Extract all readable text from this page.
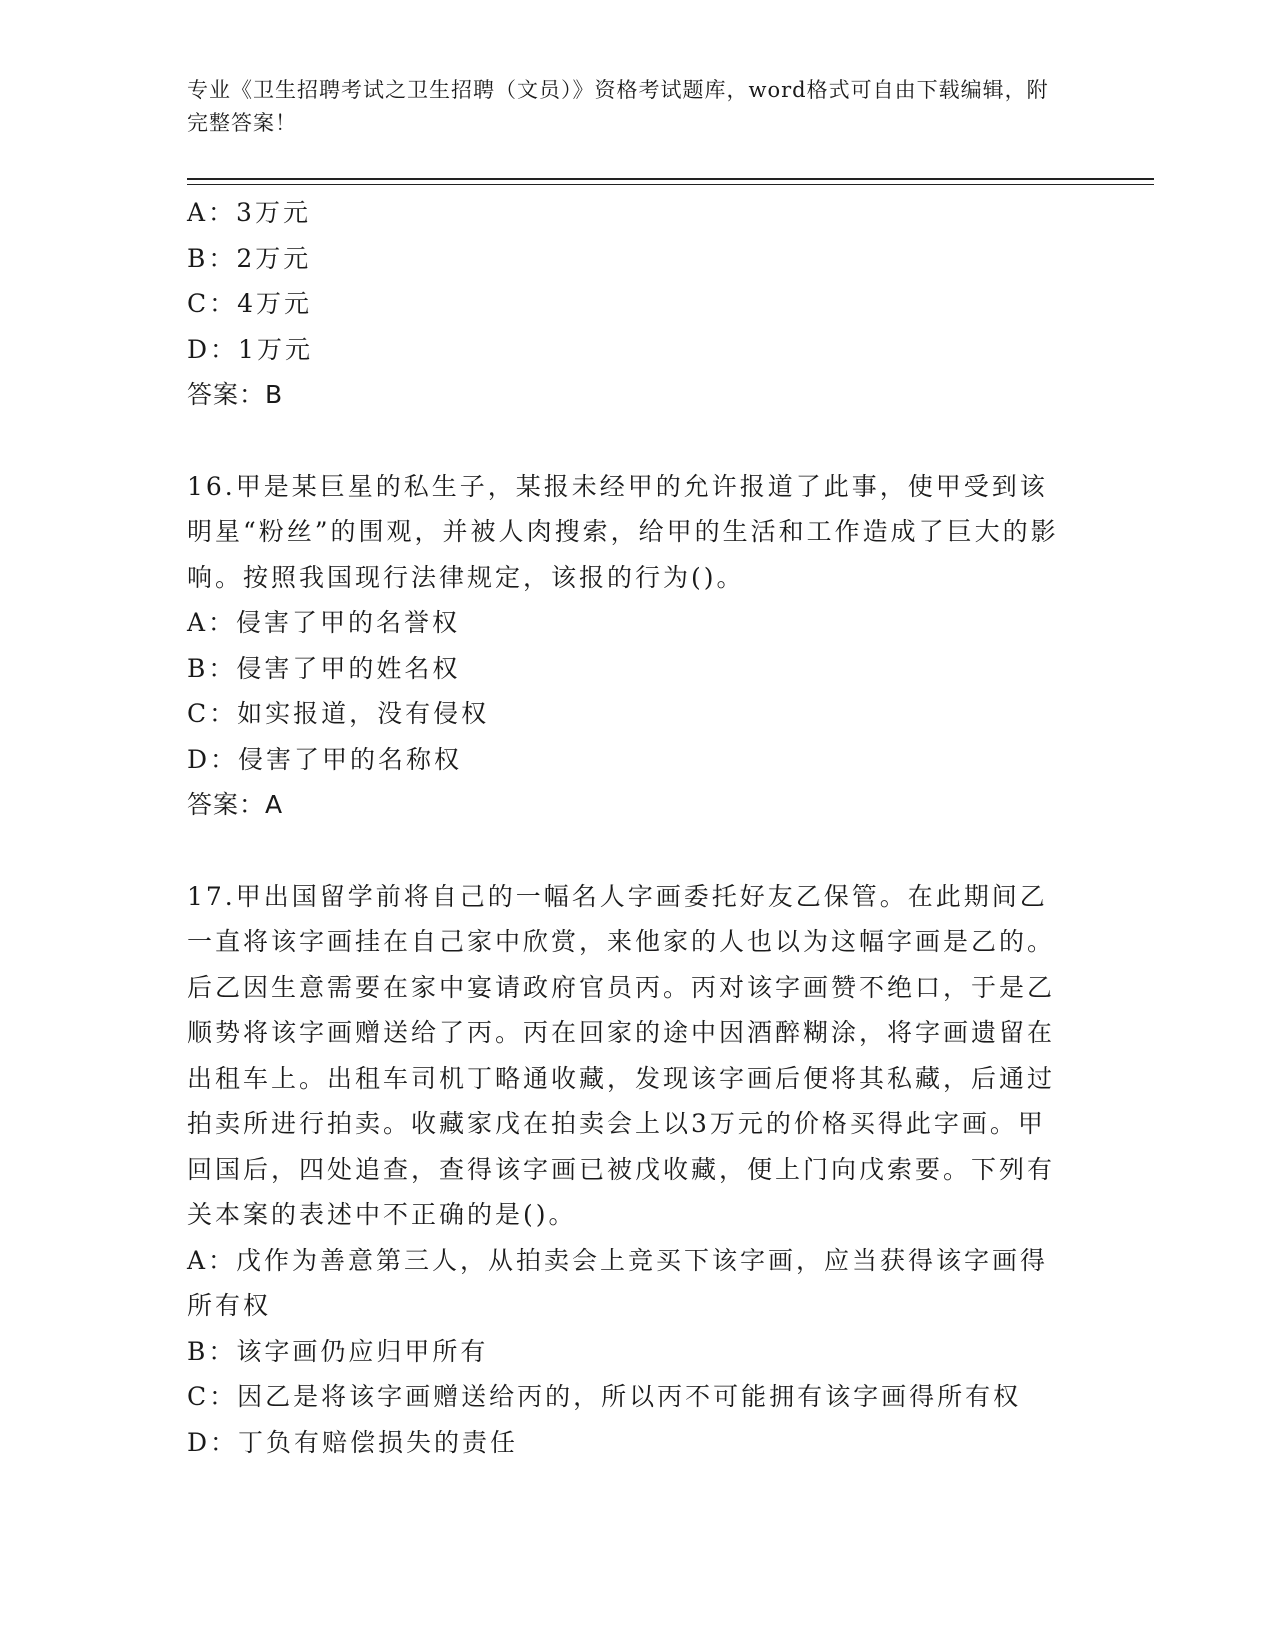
专业《卫生招聘考试之卫生招聘（文员）》资格考试题库，word格式可自由下载编辑，附完整答案！
A：3万元
B：2万元
C：4万元
D：1万元
答案：B
16.甲是某巨星的私生子，某报未经甲的允许报道了此事，使甲受到该明星“粉丝”的围观，并被人肉搜索，给甲的生活和工作造成了巨大的影响。按照我国现行法律规定，该报的行为()。
A：侵害了甲的名誉权
B：侵害了甲的姓名权
C：如实报道，没有侵权
D：侵害了甲的名称权
答案：A
17.甲出国留学前将自己的一幅名人字画委托好友乙保管。在此期间乙一直将该字画挂在自己家中欣赏，来他家的人也以为这幅字画是乙的。后乙因生意需要在家中宴请政府官员丙。丙对该字画赞不绝口，于是乙顺势将该字画赠送给了丙。丙在回家的途中因酒醉糊涂，将字画遗留在出租车上。出租车司机丁略通收藏，发现该字画后便将其私藏，后通过拍卖所进行拍卖。收藏家戊在拍卖会上以3万元的价格买得此字画。甲回国后，四处追查，查得该字画已被戊收藏，便上门向戊索要。下列有关本案的表述中不正确的是()。
A：戊作为善意第三人，从拍卖会上竞买下该字画，应当获得该字画得所有权
B：该字画仍应归甲所有
C：因乙是将该字画赠送给丙的，所以丙不可能拥有该字画得所有权
D：丁负有赔偿损失的责任
